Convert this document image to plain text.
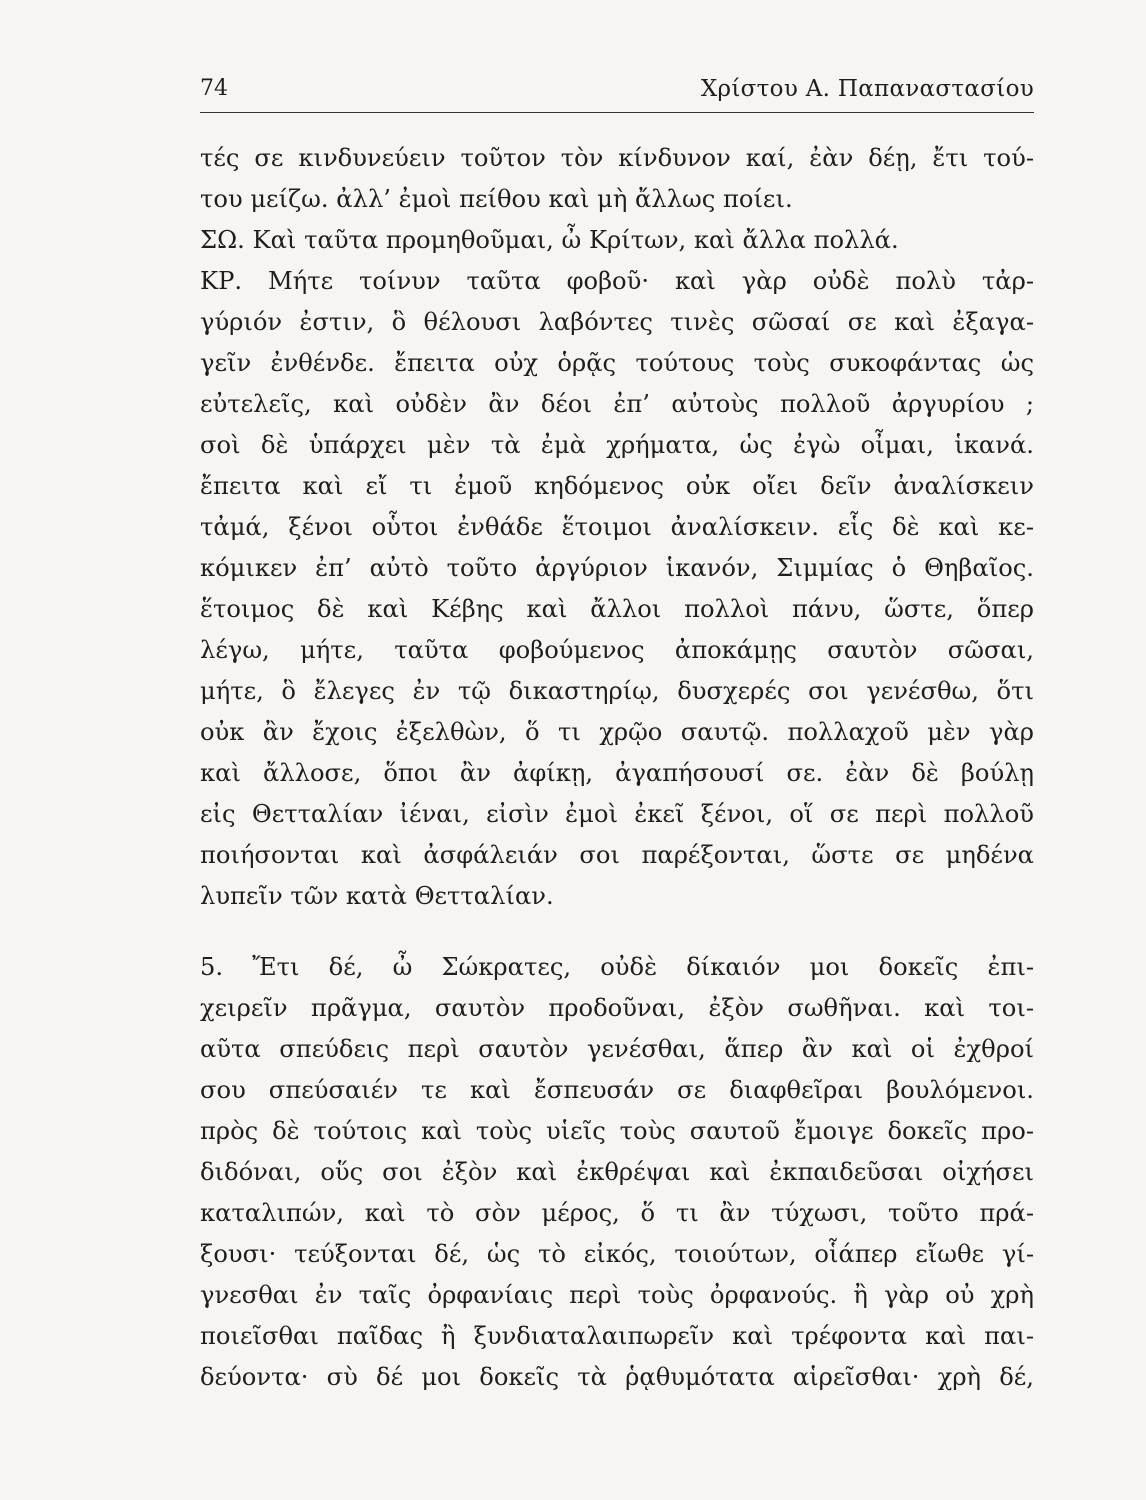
74	Χρίστου Α. Παπαναστασίου
τές σε κινδυνεύειν τοῦτον τὸν κίνδυνον καί, ἐὰν δέῃ, ἔτι τού-
του μείζω. ἀλλ’ ἐμοὶ πείθου καὶ μὴ ἄλλως ποίει.
ΣΩ. Καὶ ταῦτα προμηθοῦμαι, ὦ Κρίτων, καὶ ἄλλα πολλά.
ΚΡ. Μήτε τοίνυν ταῦτα φοβοῦ· καὶ γὰρ οὐδὲ πολὺ τἀρ-
γύριόν ἐστιν, ὃ θέλουσι λαβόντες τινὲς σῶσαί σε καὶ ἐξαγα-
γεῖν ἐνθένδε. ἔπειτα οὐχ ὁρᾷς τούτους τοὺς συκοφάντας ὡς
εὐτελεῖς, καὶ οὐδὲν ἂν δέοι ἐπ’ αὐτοὺς πολλοῦ ἀργυρίου ;
σοὶ δὲ ὑπάρχει μὲν τὰ ἐμὰ χρήματα, ὡς ἐγὼ οἶμαι, ἱκανά.
ἔπειτα καὶ εἴ τι ἐμοῦ κηδόμενος οὐκ οἴει δεῖν ἀναλίσκειν
τἀμά, ξένοι οὗτοι ἐνθάδε ἕτοιμοι ἀναλίσκειν. εἷς δὲ καὶ κε-
κόμικεν ἐπ’ αὐτὸ τοῦτο ἀργύριον ἱκανόν, Σιμμίας ὁ Θηβαῖος.
ἕτοιμος δὲ καὶ Κέβης καὶ ἄλλοι πολλοὶ πάνυ, ὥστε, ὅπερ
λέγω, μήτε, ταῦτα φοβούμενος ἀποκάμῃς σαυτὸν σῶσαι,
μήτε, ὃ ἔλεγες ἐν τῷ δικαστηρίῳ, δυσχερές σοι γενέσθω, ὅτι
οὐκ ἂν ἔχοις ἐξελθὼν, ὅ τι χρῷο σαυτῷ. πολλαχοῦ μὲν γὰρ
καὶ ἄλλοσε, ὅποι ἂν ἀφίκῃ, ἀγαπήσουσί σε. ἐὰν δὲ βούλῃ
εἰς Θετταλίαν ἰέναι, εἰσὶν ἐμοὶ ἐκεῖ ξένοι, οἵ σε περὶ πολλοῦ
ποιήσονται καὶ ἀσφάλειάν σοι παρέξονται, ὥστε σε μηδένα
λυπεῖν τῶν κατὰ Θετταλίαν.
5. Ἔτι δέ, ὦ Σώκρατες, οὐδὲ δίκαιόν μοι δοκεῖς ἐπι-
χειρεῖν πρᾶγμα, σαυτὸν προδοῦναι, ἐξὸν σωθῆναι. καὶ τοι-
αῦτα σπεύδεις περὶ σαυτὸν γενέσθαι, ἅπερ ἂν καὶ οἱ ἐχθροί
σου σπεύσαιέν τε καὶ ἔσπευσάν σε διαφθεῖραι βουλόμενοι.
πρὸς δὲ τούτοις καὶ τοὺς υἱεῖς τοὺς σαυτοῦ ἔμοιγε δοκεῖς προ-
διδόναι, οὕς σοι ἐξὸν καὶ ἐκθρέψαι καὶ ἐκπαιδεῦσαι οἰχήσει
καταλιπών, καὶ τὸ σὸν μέρος, ὅ τι ἂν τύχωσι, τοῦτο πρά-
ξουσι· τεύξονται δέ, ὡς τὸ εἰκός, τοιούτων, οἷάπερ εἴωθε γί-
γνεσθαι ἐν ταῖς ὀρφανίαις περὶ τοὺς ὀρφανούς. ἢ γὰρ οὐ χρὴ
ποιεῖσθαι παῖδας ἢ ξυνδιαταλαιπωρεῖν καὶ τρέφοντα καὶ παι-
δεύοντα· σὺ δέ μοι δοκεῖς τὰ ῥᾳθυμότατα αἱρεῖσθαι· χρὴ δέ,
